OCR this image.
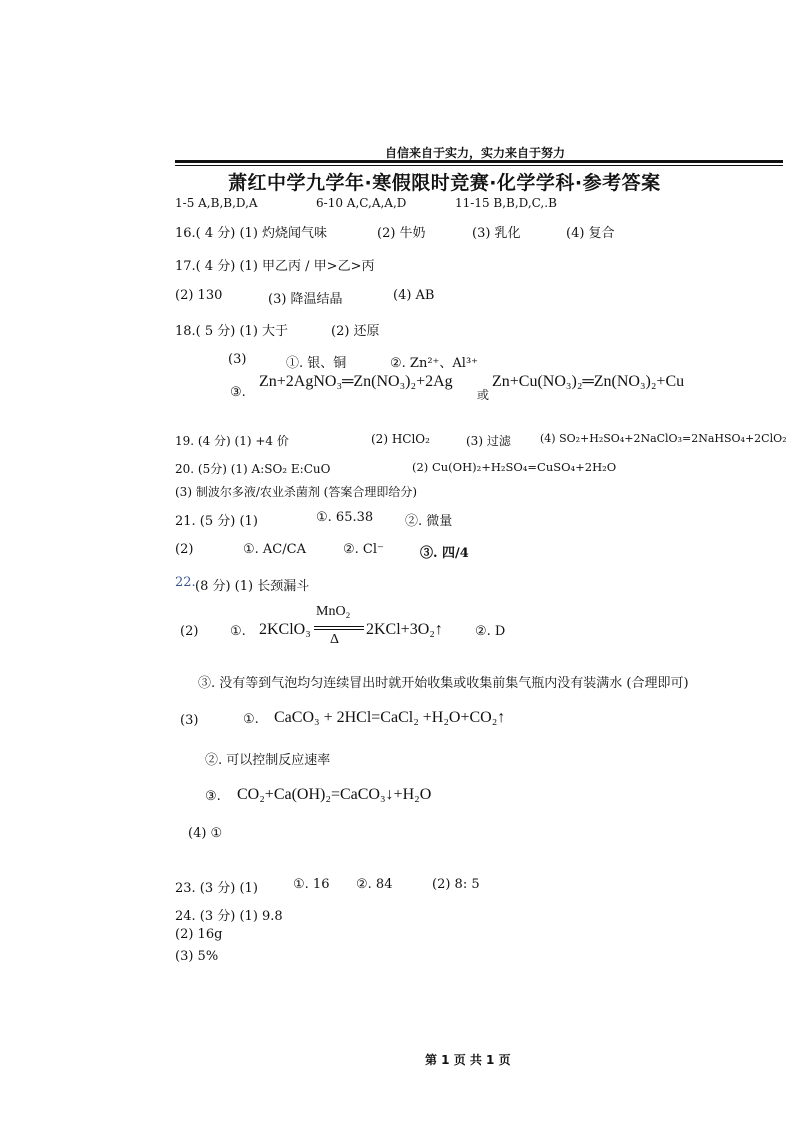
自信来自于实力，实力来自于努力
萧红中学九学年·寒假限时竞赛·化学学科·参考答案
1-5 A,B,B,D,A	6-10 A,C,A,A,D	11-15 B,B,D,C,.B
16.( 4 分) (1) 灼烧闻气味	(2) 牛奶	(3) 乳化	(4) 复合
17.( 4 分) (1) 甲乙丙 / 甲>乙>丙
(2) 130	(3) 降温结晶	(4) AB
18.( 5 分) (1) 大于	(2) 还原
(3)	①. 银、铜	②. Zn²⁺、Al³⁺
③.
Zn+2AgNO₃═Zn(NO₃)₂+2Ag
或
Zn+Cu(NO₃)₂═Zn(NO₃)₂+Cu
19. (4 分) (1) +4 价	(2) HClO₂	(3) 过滤	(4) SO₂+H₂SO₄+2NaClO₃=2NaHSO₄+2ClO₂
20. (5分) (1) A:SO₂ E:CuO	(2) Cu(OH)₂+H₂SO₄=CuSO₄+2H₂O
(3) 制波尔多液/农业杀菌剂 (答案合理即给分)
21. (5 分) (1)	①. 65.38 ②. 微量
(2)	①. AC/CA	②. Cl⁻	③. 四/4
22. (8 分) (1) 长颈漏斗
(2) ①. 2KClO₃
MnO₂
Δ
2KCl+3O₂↑ ②. D
③. 没有等到气泡均匀连续冒出时就开始收集或收集前集气瓶内没有装满水 (合理即可)
(3)	①. CaCO₃ + 2HCl=CaCl₂ +H₂O+CO₂↑
②. 可以控制反应速率
③. CO₂+Ca(OH)₂=CaCO₃↓+H₂O
(4) ①
23. (3 分) (1)	①. 16 ②. 84	(2) 8: 5
24. (3 分) (1) 9.8
(2) 16g
(3) 5%
第 1 页 共 1 页
